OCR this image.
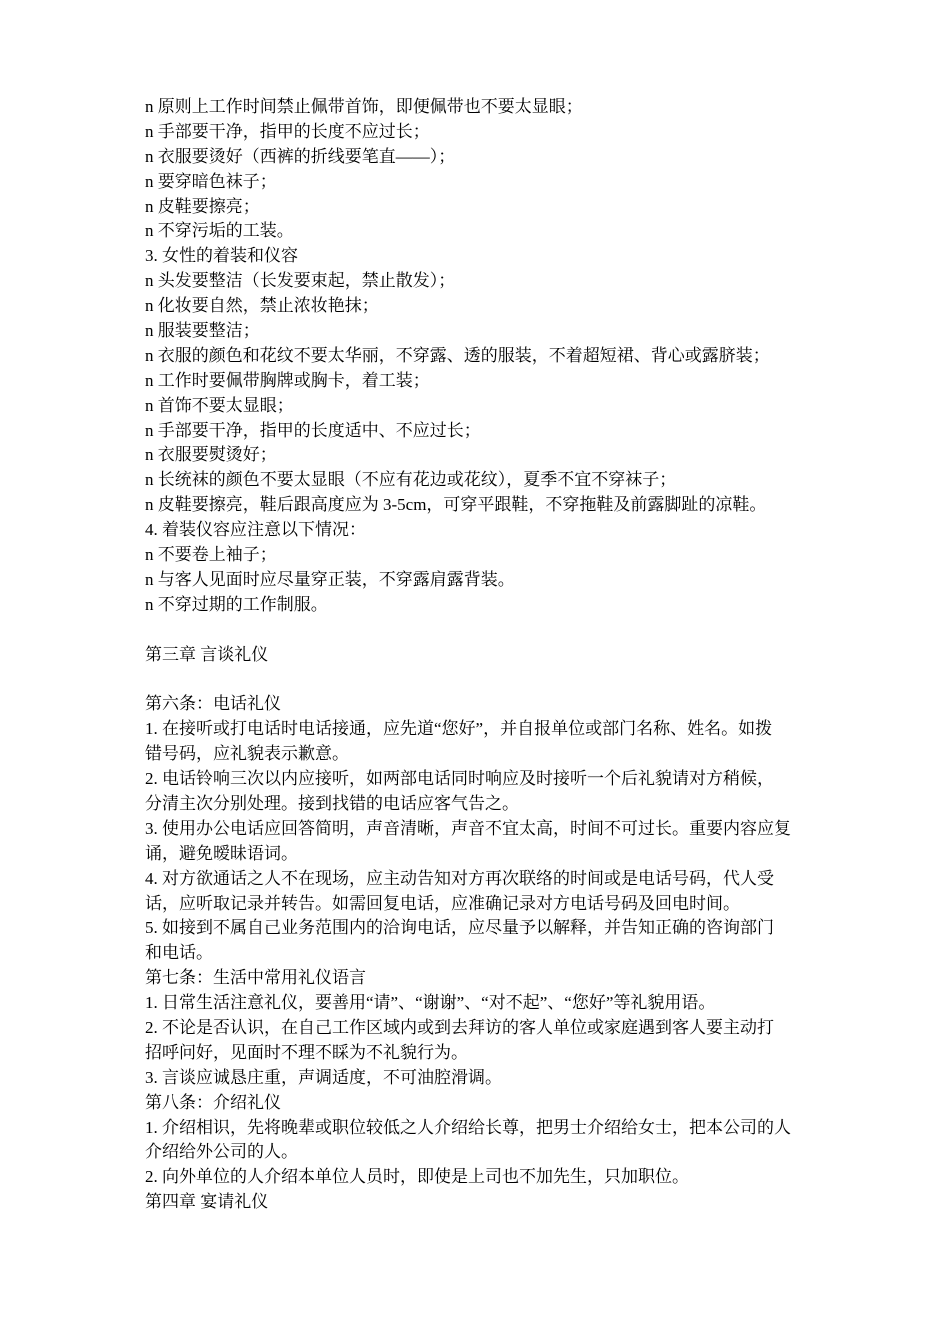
n 原则上工作时间禁止佩带首饰，即便佩带也不要太显眼；
n 手部要干净，指甲的长度不应过长；
n 衣服要烫好（西裤的折线要笔直——）；
n 要穿暗色袜子；
n 皮鞋要擦亮；
n 不穿污垢的工装。
3. 女性的着装和仪容
n 头发要整洁（长发要束起，禁止散发）；
n 化妆要自然，禁止浓妆艳抹；
n 服装要整洁；
n 衣服的颜色和花纹不要太华丽，不穿露、透的服装，不着超短裙、背心或露脐装；
n 工作时要佩带胸牌或胸卡，着工装；
n 首饰不要太显眼；
n 手部要干净，指甲的长度适中、不应过长；
n 衣服要熨烫好；
n 长统袜的颜色不要太显眼（不应有花边或花纹），夏季不宜不穿袜子；
n 皮鞋要擦亮，鞋后跟高度应为 3-5cm，可穿平跟鞋，不穿拖鞋及前露脚趾的凉鞋。
4. 着装仪容应注意以下情况：
n 不要卷上袖子；
n 与客人见面时应尽量穿正装，不穿露肩露背装。
n 不穿过期的工作制服。
第三章 言谈礼仪
第六条：电话礼仪
1. 在接听或打电话时电话接通，应先道“您好”，并自报单位或部门名称、姓名。如拨
错号码，应礼貌表示歉意。
2. 电话铃响三次以内应接听，如两部电话同时响应及时接听一个后礼貌请对方稍候，
分清主次分别处理。接到找错的电话应客气告之。
3. 使用办公电话应回答简明，声音清晰，声音不宜太高，时间不可过长。重要内容应复
诵，避免暧昧语词。
4. 对方欲通话之人不在现场，应主动告知对方再次联络的时间或是电话号码，代人受
话，应听取记录并转告。如需回复电话，应准确记录对方电话号码及回电时间。
5. 如接到不属自己业务范围内的洽询电话，应尽量予以解释，并告知正确的咨询部门
和电话。
第七条：生活中常用礼仪语言
1. 日常生活注意礼仪，要善用“请”、“谢谢”、“对不起”、“您好”等礼貌用语。
2. 不论是否认识，在自己工作区域内或到去拜访的客人单位或家庭遇到客人要主动打
招呼问好，见面时不理不睬为不礼貌行为。
3. 言谈应诚恳庄重，声调适度，不可油腔滑调。
第八条：介绍礼仪
1. 介绍相识，先将晚辈或职位较低之人介绍给长尊，把男士介绍给女士，把本公司的人
介绍给外公司的人。
2. 向外单位的人介绍本单位人员时，即使是上司也不加先生，只加职位。
第四章 宴请礼仪
